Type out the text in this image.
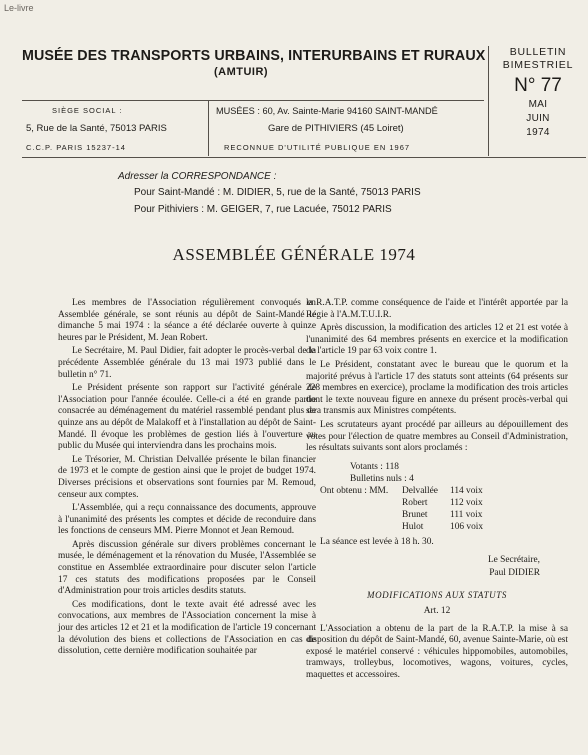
Le-livre
MUSÉE DES TRANSPORTS URBAINS, INTERURBAINS ET RURAUX
(AMTUIR)
BULLETIN
BIMESTRIEL
N° 77
MAI
JUIN
1974
SIÈGE SOCIAL :
5, Rue de la Santé, 75013 PARIS
C.C.P. PARIS 15237-14
MUSÉES : 60, Av. Sainte-Marie 94160 SAINT-MANDÉ
Gare de PITHIVIERS (45 Loiret)
RECONNUE D'UTILITÉ PUBLIQUE EN 1967
Adresser la CORRESPONDANCE :
Pour Saint-Mandé : M. DIDIER, 5, rue de la Santé, 75013 PARIS
Pour Pithiviers : M. GEIGER, 7, rue Lacuée, 75012 PARIS
ASSEMBLÉE GÉNÉRALE 1974

Les membres de l'Association régulièrement convoqués en Assemblée générale, se sont réunis au dépôt de Saint-Mandé le dimanche 5 mai 1974 : la séance a été déclarée ouverte à quinze heures par le Président, M. Jean Robert.

Le Secrétaire, M. Paul Didier, fait adopter le procès-verbal de la précédente Assemblée générale du 13 mai 1973 publié dans le bulletin n° 71.

Le Président présente son rapport sur l'activité générale de l'Association pour l'année écoulée. Celle-ci a été en grande partie consacrée au déménagement du matériel rassemblé pendant plus de quinze ans au dépôt de Malakoff et à l'installation au dépôt de Saint-Mandé. Il évoque les problèmes de gestion liés à l'ouverture au public du Musée qui interviendra dans les prochains mois.

Le Trésorier, M. Christian Delvallée présente le bilan financier de 1973 et le compte de gestion ainsi que le projet de budget 1974. Diverses précisions et observations sont fournies par M. Remoud, censeur aux comptes.

L'Assemblée, qui a reçu connaissance des documents, approuve à l'unanimité des présents les comptes et décide de reconduire dans les fonctions de censeurs MM. Pierre Monnot et Jean Remoud.

Après discussion générale sur divers problèmes concernant le musée, le déménagement et la rénovation du Musée, l'Assemblée se constitue en Assemblée extraordinaire pour discuter selon l'article 17 ces statuts des modifications proposées par le Conseil d'Administration pour trois articles desdits statuts.

Ces modifications, dont le texte avait été adressé avec les convocations, aux membres de l'Association concernent la mise à jour des articles 12 et 21 et la modification de l'article 19 concernant la dévolution des biens et collections de l'Association en cas de dissolution, cette dernière modification souhaitée par

la R.A.T.P. comme conséquence de l'aide et l'intérêt apportée par la Régie à l'A.M.T.U.I.R.

Après discussion, la modification des articles 12 et 21 est votée à l'unanimité des 64 membres présents en exercice et la modification de l'article 19 par 63 voix contre 1.

Le Président, constatant avec le bureau que le quorum et la majorité prévus à l'article 17 des statuts sont atteints (64 présents sur 228 membres en exercice), proclame la modification des trois articles dont le texte nouveau figure en annexe du présent procès-verbal qui sera transmis aux Ministres compétents.

Les scrutateurs ayant procédé par ailleurs au dépouillement des votes pour l'élection de quatre membres au Conseil d'Administration, les résultats suivants sont alors proclamés :

Votants : 118
Bulletins nuls : 4
Ont obtenu : MM.	Delvallée	114 voix
Robert	112 voix
Brunet	111 voix
Hulot	106 voix

La séance est levée à 18 h. 30.

Le Secrétaire,
Paul DIDIER
MODIFICATIONS AUX STATUTS
Art. 12

L'Association a obtenu de la part de la R.A.T.P. la mise à sa disposition du dépôt de Saint-Mandé, 60, avenue Sainte-Marie, où est exposé le matériel conservé : véhicules hippomobiles, automobiles, tramways, trolleybus, locomotives, wagons, voitures, cycles, maquettes et accessoires.
